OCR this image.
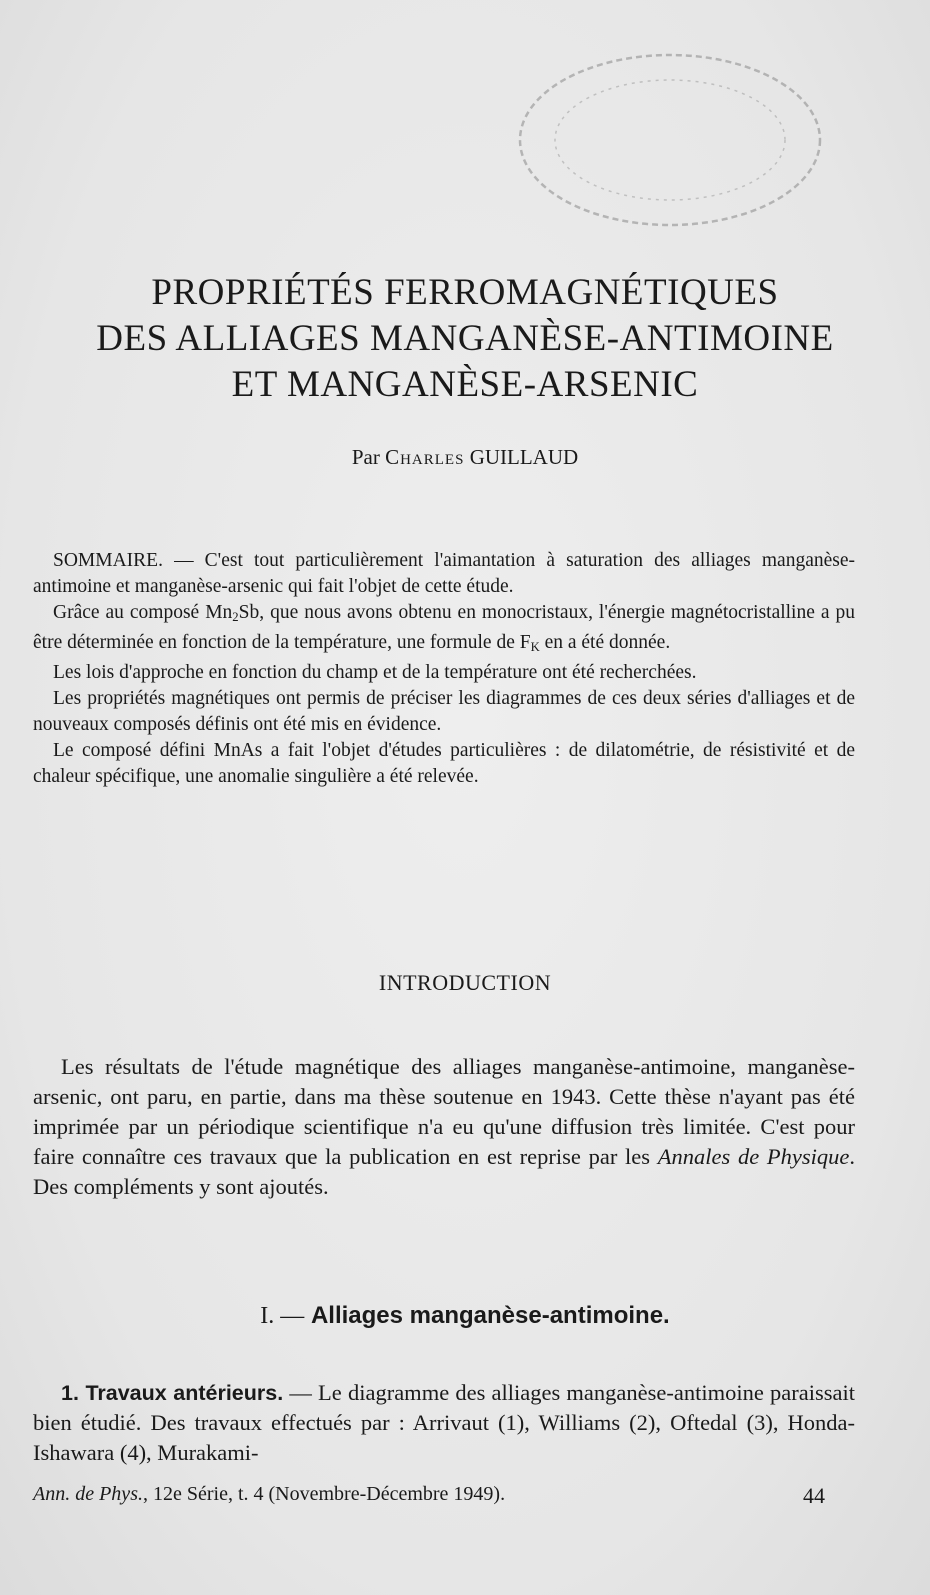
PROPRIÉTÉS FERROMAGNÉTIQUES
DES ALLIAGES MANGANÈSE-ANTIMOINE
ET MANGANÈSE-ARSENIC
Par Charles GUILLAUD

SOMMAIRE. — C'est tout particulièrement l'aimantation à saturation des alliages manganèse-antimoine et manganèse-arsenic qui fait l'objet de cette étude.

Grâce au composé $Mn_2Sb$, que nous avons obtenu en monocristaux, l'énergie magnétocristalline a pu être déterminée en fonction de la température, une formule de $F_K$ en a été donnée.

Les lois d'approche en fonction du champ et de la température ont été recherchées.

Les propriétés magnétiques ont permis de préciser les diagrammes de ces deux séries d'alliages et de nouveaux composés définis ont été mis en évidence.

Le composé défini MnAs a fait l'objet d'études particulières : de dilatométrie, de résistivité et de chaleur spécifique, une anomalie singulière a été relevée.

INTRODUCTION

Les résultats de l'étude magnétique des alliages manganèse-antimoine, manganèse-arsenic, ont paru, en partie, dans ma thèse soutenue en 1943. Cette thèse n'ayant pas été imprimée par un périodique scientifique n'a eu qu'une diffusion très limitée. C'est pour faire connaître ces travaux que la publication en est reprise par les Annales de Physique. Des compléments y sont ajoutés.

I. — Alliages manganèse-antimoine.

1. Travaux antérieurs. — Le diagramme des alliages manganèse-antimoine paraissait bien étudié. Des travaux effectués par : Arrivaut (1), Williams (2), Oftedal (3), Honda-Ishawara (4), Murakami-

Ann. de Phys., 12e Série, t. 4 (Novembre-Décembre 1949).	44
